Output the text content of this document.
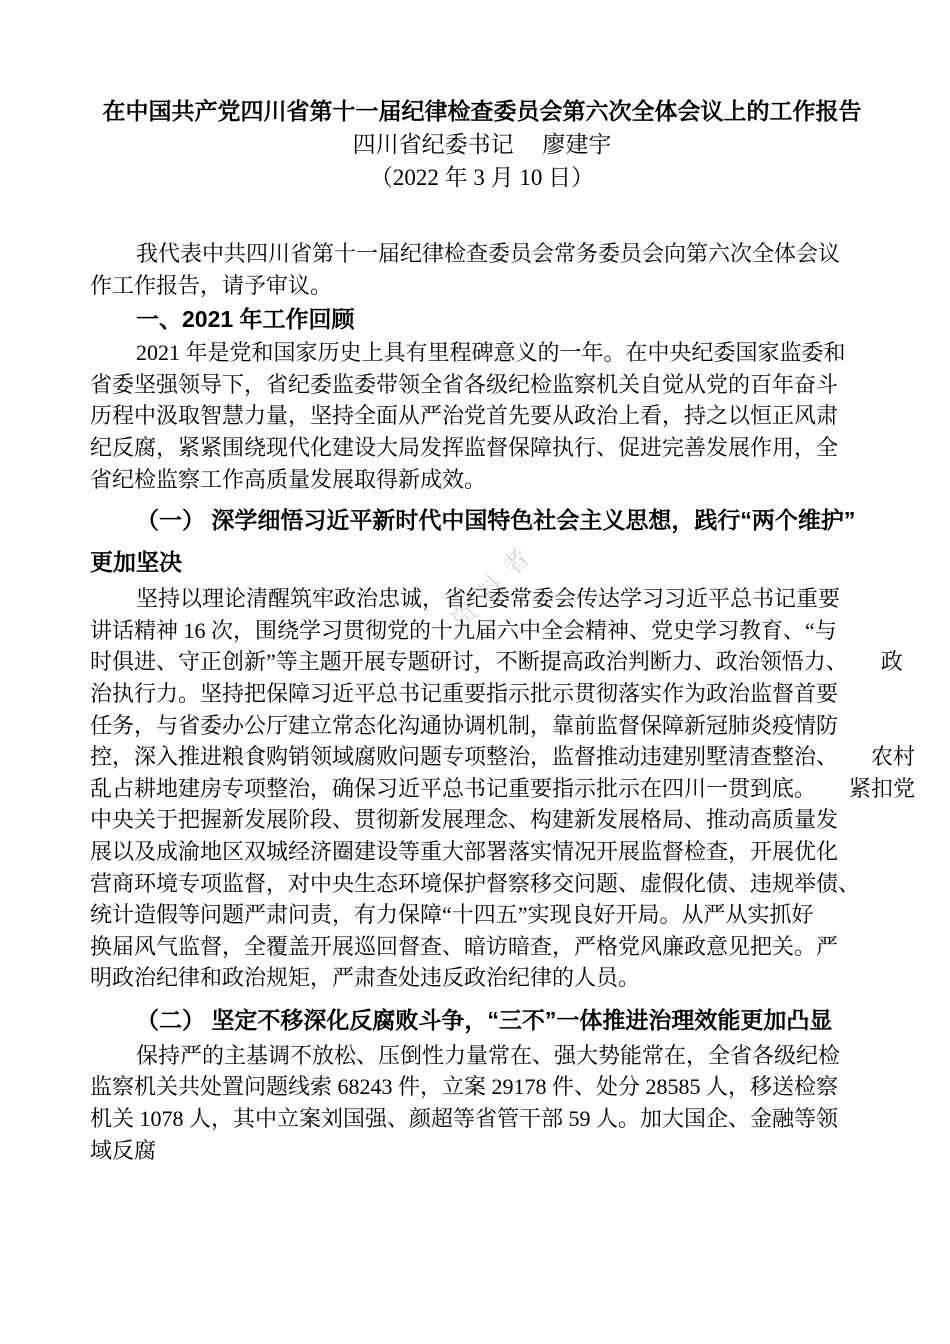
资料者
在中国共产党四川省第十一届纪律检查委员会第六次全体会议上的工作报告
四川省纪委书记　 廖建宇
（2022 年 3 月 10 日）
我代表中共四川省第十一届纪律检查委员会常务委员会向第六次全体会议
作工作报告，请予审议。
一、2021 年工作回顾
2021 年是党和国家历史上具有里程碑意义的一年。在中央纪委国家监委和
省委坚强领导下，省纪委监委带领全省各级纪检监察机关自觉从党的百年奋斗
历程中汲取智慧力量，坚持全面从严治党首先要从政治上看，持之以恒正风肃
纪反腐，紧紧围绕现代化建设大局发挥监督保障执行、促进完善发展作用，全
省纪检监察工作高质量发展取得新成效。
（一） 深学细悟习近平新时代中国特色社会主义思想，践行“两个维护”
更加坚决
坚持以理论清醒筑牢政治忠诚，省纪委常委会传达学习习近平总书记重要
讲话精神 16 次，围绕学习贯彻党的十九届六中全会精神、党史学习教育、“与
时俱进、守正创新”等主题开展专题研讨，不断提高政治判断力、政治领悟力、　　政
治执行力。坚持把保障习近平总书记重要指示批示贯彻落实作为政治监督首要
任务，与省委办公厅建立常态化沟通协调机制，靠前监督保障新冠肺炎疫情防
控，深入推进粮食购销领域腐败问题专项整治，监督推动违建别墅清查整治、　　农村
乱占耕地建房专项整治，确保习近平总书记重要指示批示在四川一贯到底。　　紧扣党
中央关于把握新发展阶段、贯彻新发展理念、构建新发展格局、推动高质量发
展以及成渝地区双城经济圈建设等重大部署落实情况开展监督检查，开展优化
营商环境专项监督，对中央生态环境保护督察移交问题、虚假化债、违规举债、
统计造假等问题严肃问责，有力保障“十四五”实现良好开局。从严从实抓好
换届风气监督，全覆盖开展巡回督查、暗访暗查，严格党风廉政意见把关。严
明政治纪律和政治规矩，严肃查处违反政治纪律的人员。
（二） 坚定不移深化反腐败斗争，“三不”一体推进治理效能更加凸显
保持严的主基调不放松、压倒性力量常在、强大势能常在，全省各级纪检
监察机关共处置问题线索 68243 件，立案 29178 件、处分 28585 人，移送检察
机关 1078 人，其中立案刘国强、颜超等省管干部 59 人。加大国企、金融等领
域反腐
